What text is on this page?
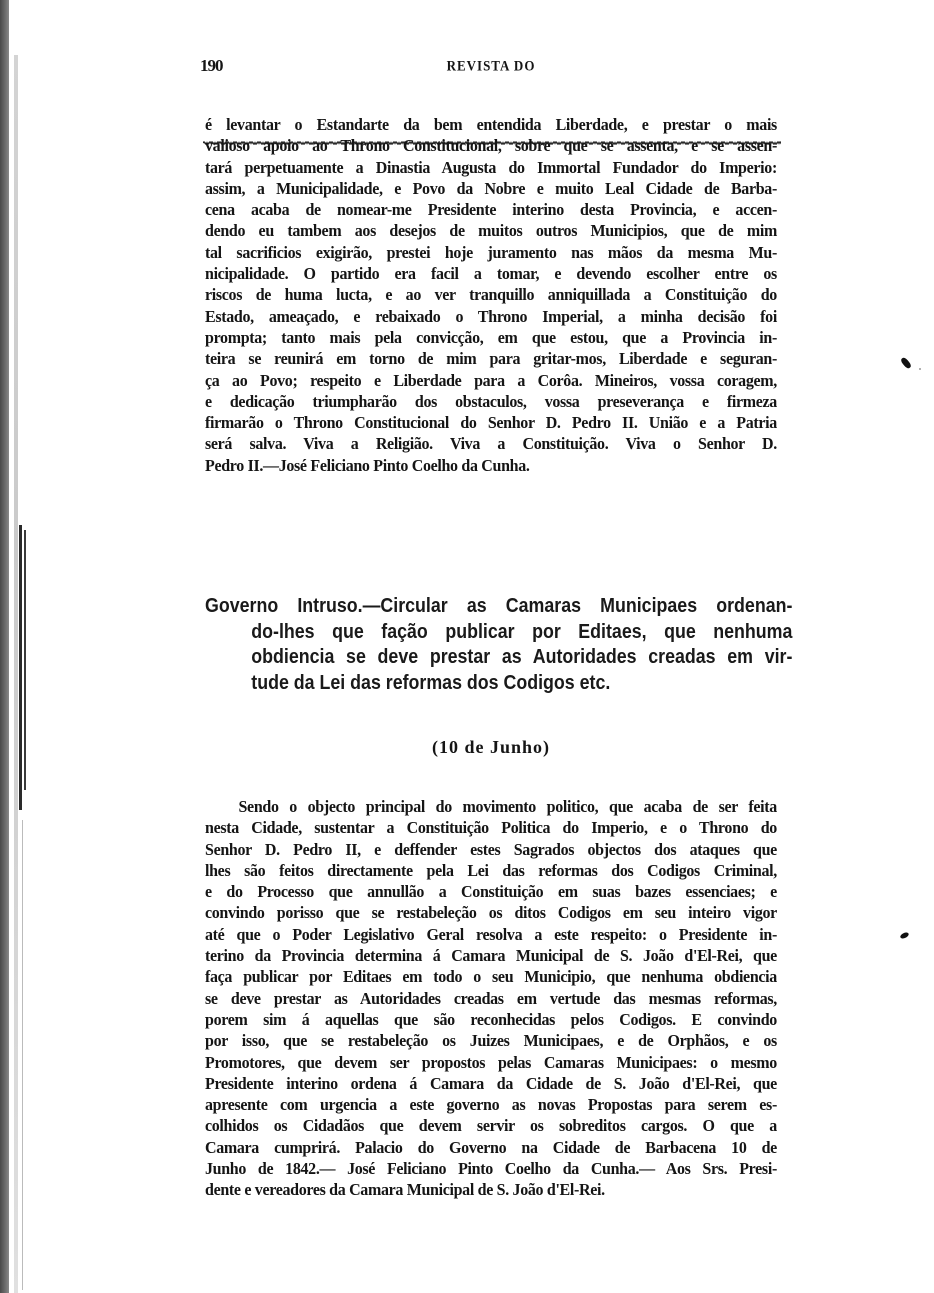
190	REVISTA DO
é levantar o Estandarte da bem entendida Liberdade, e prestar o mais
valioso apoio ao Throno Constitucional, sobre que se assenta, e se assen-
tará perpetuamente a Dinastia Augusta do Immortal Fundador do Imperio:
assim, a Municipalidade, e Povo da Nobre e muito Leal Cidade de Barba-
cena acaba de nomear-me Presidente interino desta Provincia, e accen-
dendo eu tambem aos desejos de muitos outros Municipios, que de mim
tal sacrificios exigirão, prestei hoje juramento nas mãos da mesma Mu-
nicipalidade. O partido era facil a tomar, e devendo escolher entre os
riscos de huma lucta, e ao ver tranquillo anniquillada a Constituição do
Estado, ameaçado, e rebaixado o Throno Imperial, a minha decisão foi
prompta; tanto mais pela convicção, em que estou, que a Provincia in-
teira se reunirá em torno de mim para gritar-mos, Liberdade e seguran-
ça ao Povo; respeito e Liberdade para a Corôa. Mineiros, vossa coragem,
e dedicação triumpharão dos obstaculos, vossa preseverança e firmeza
firmarão o Throno Constitucional do Senhor D. Pedro II. União e a Patria
será salva. Viva a Religião. Viva a Constituição. Viva o Senhor D.
Pedro II.—José Feliciano Pinto Coelho da Cunha.
Governo Intruso.—Circular as Camaras Municipaes ordenan-
do-lhes que fação publicar por Editaes, que nenhuma
obdiencia se deve prestar as Autoridades creadas em vir-
tude da Lei das reformas dos Codigos etc.
(10 de Junho)
Sendo o objecto principal do movimento politico, que acaba de ser feita
nesta Cidade, sustentar a Constituição Politica do Imperio, e o Throno do
Senhor D. Pedro II, e deffender estes Sagrados objectos dos ataques que
lhes são feitos directamente pela Lei das reformas dos Codigos Criminal,
e do Processo que annullão a Constituição em suas bazes essenciaes; e
convindo porisso que se restabeleção os ditos Codigos em seu inteiro vigor
até que o Poder Legislativo Geral resolva a este respeito: o Presidente in-
terino da Provincia determina á Camara Municipal de S. João d'El-Rei, que
faça publicar por Editaes em todo o seu Municipio, que nenhuma obdiencia
se deve prestar as Autoridades creadas em vertude das mesmas reformas,
porem sim á aquellas que são reconhecidas pelos Codigos. E convindo
por isso, que se restabeleção os Juizes Municipaes, e de Orphãos, e os
Promotores, que devem ser propostos pelas Camaras Municipaes: o mesmo
Presidente interino ordena á Camara da Cidade de S. João d'El-Rei, que
apresente com urgencia a este governo as novas Propostas para serem es-
colhidos os Cidadãos que devem servir os sobreditos cargos. O que a
Camara cumprirá. Palacio do Governo na Cidade de Barbacena 10 de
Junho de 1842.— José Feliciano Pinto Coelho da Cunha.— Aos Srs. Presi-
dente e vereadores da Camara Municipal de S. João d'El-Rei.
